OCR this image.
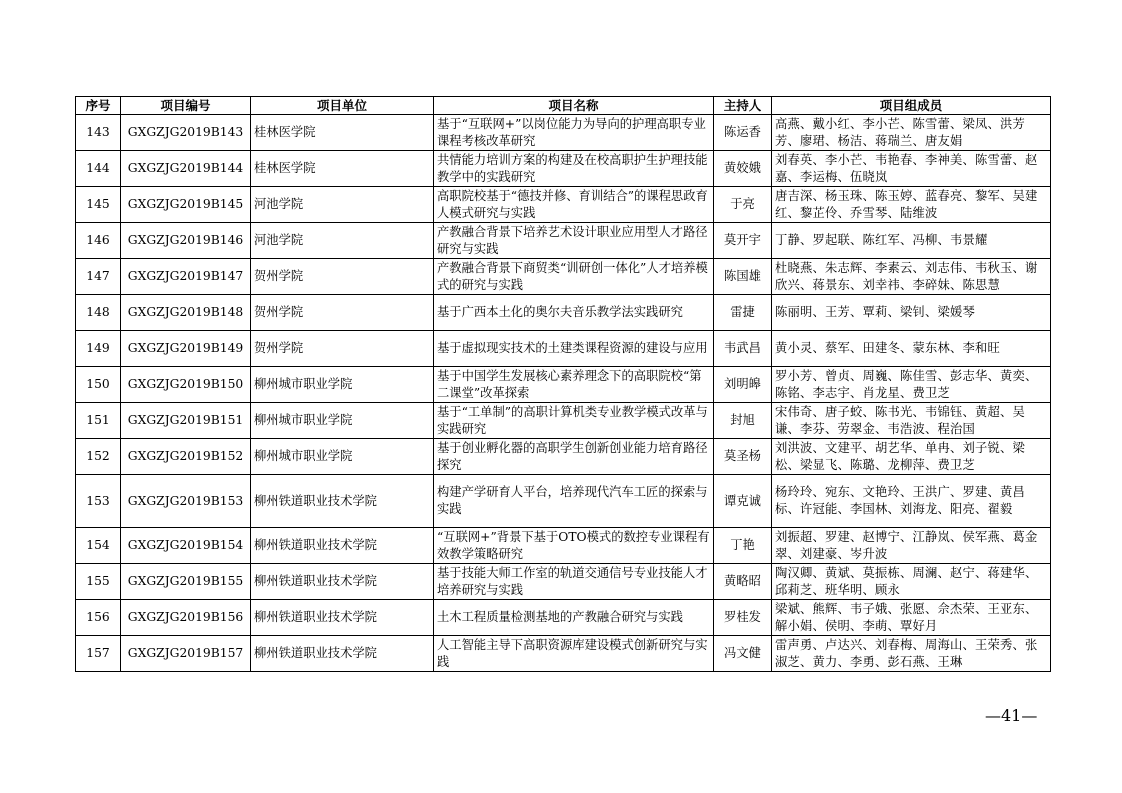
序号	项目编号	项目单位	项目名称	主持人	项目组成员
143	GXGZJG2019B143	桂林医学院	基于“互联网+”以岗位能力为导向的护理高职专业课程考核改革研究	陈运香	高燕、戴小红、李小芒、陈雪蕾、梁凤、洪芳芳、廖珺、杨洁、蒋瑞兰、唐友娟
144	GXGZJG2019B144	桂林医学院	共情能力培训方案的构建及在校高职护生护理技能教学中的实践研究	黄姣娥	刘春英、李小芒、韦艳春、李神美、陈雪蕾、赵嘉、李运梅、伍晓岚
145	GXGZJG2019B145	河池学院	高职院校基于“德技并修、育训结合”的课程思政育人模式研究与实践	于亮	唐吉深、杨玉珠、陈玉婷、蓝春亮、黎军、吴建红、黎芷伶、乔雪琴、陆维波
146	GXGZJG2019B146	河池学院	产教融合背景下培养艺术设计职业应用型人才路径研究与实践	莫开宇	丁静、罗起联、陈红军、冯柳、韦景耀
147	GXGZJG2019B147	贺州学院	产教融合背景下商贸类“训研创一体化”人才培养模式的研究与实践	陈国雄	杜晓燕、朱志辉、李素云、刘志伟、韦秋玉、谢欣兴、蒋景东、刘幸祎、李碎妹、陈思慧
148	GXGZJG2019B148	贺州学院	基于广西本土化的奥尔夫音乐教学法实践研究	雷捷	陈丽明、王芳、覃莉、梁钊、梁媛琴
149	GXGZJG2019B149	贺州学院	基于虚拟现实技术的土建类课程资源的建设与应用	韦武昌	黄小灵、蔡军、田建冬、蒙东林、李和旺
150	GXGZJG2019B150	柳州城市职业学院	基于中国学生发展核心素养理念下的高职院校“第二课堂”改革探索	刘明皞	罗小芳、曾贞、周巍、陈佳雪、彭志华、黄奕、陈铭、李志宇、肖龙星、费卫芝
151	GXGZJG2019B151	柳州城市职业学院	基于“工单制”的高职计算机类专业教学模式改革与实践研究	封旭	宋伟奇、唐子蛟、陈书光、韦锦钰、黄超、吴谦、李芬、劳翠金、韦浩波、程治国
152	GXGZJG2019B152	柳州城市职业学院	基于创业孵化器的高职学生创新创业能力培育路径探究	莫圣杨	刘洪波、文建平、胡艺华、单冉、刘子锐、梁松、梁显飞、陈璐、龙柳萍、费卫芝
153	GXGZJG2019B153	柳州铁道职业技术学院	构建产学研育人平台，培养现代汽车工匠的探索与实践	谭克诚	杨玲玲、宛东、文艳玲、王洪广、罗建、黄昌标、许冠能、李国林、刘海龙、阳亮、翟毅
154	GXGZJG2019B154	柳州铁道职业技术学院	“互联网+”背景下基于OTO模式的数控专业课程有效教学策略研究	丁艳	刘振超、罗建、赵博宁、江静岚、侯军燕、葛金翠、刘建豪、岑升波
155	GXGZJG2019B155	柳州铁道职业技术学院	基于技能大师工作室的轨道交通信号专业技能人才培养研究与实践	黄略昭	陶汉卿、黄斌、莫振栋、周澜、赵宁、蒋建华、邱莉芝、班华明、顾永
156	GXGZJG2019B156	柳州铁道职业技术学院	土木工程质量检测基地的产教融合研究与实践	罗桂发	梁斌、熊辉、韦子娥、张愿、佘杰荣、王亚东、解小娟、侯明、李萌、覃好月
157	GXGZJG2019B157	柳州铁道职业技术学院	人工智能主导下高职资源库建设模式创新研究与实践	冯文健	雷声勇、卢达兴、刘春梅、周海山、王荣秀、张淑芝、黄力、李勇、彭石燕、王琳
—41—
